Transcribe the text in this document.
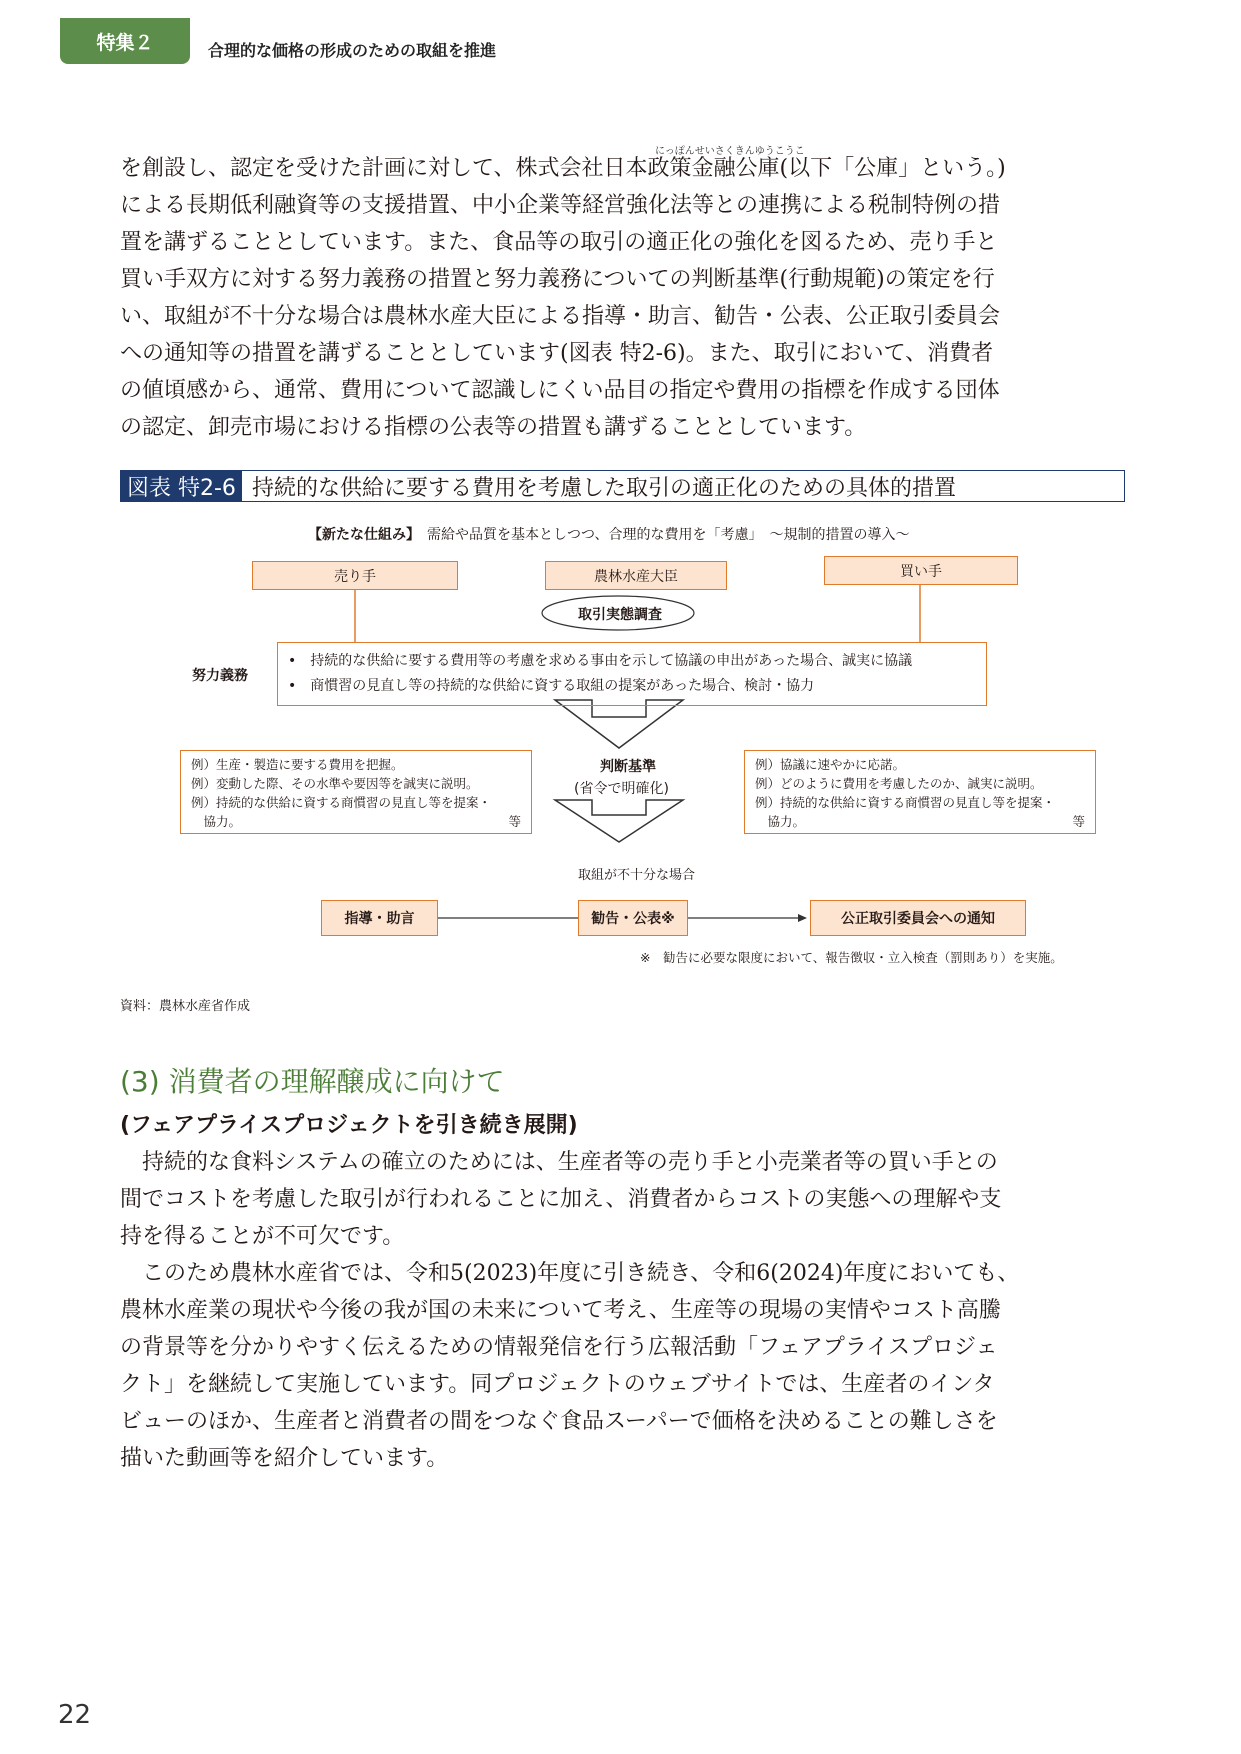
特集２	合理的な価格の形成のための取組を推進
にっぽんせいさくきんゆうこうこ

を創設し、認定を受けた計画に対して、株式会社日本政策金融公庫(以下「公庫」という。)

による長期低利融資等の支援措置、中小企業等経営強化法等との連携による税制特例の措

置を講ずることとしています。また、食品等の取引の適正化の強化を図るため、売り手と

買い手双方に対する努力義務の措置と努力義務についての判断基準(行動規範)の策定を行

い、取組が不十分な場合は農林水産大臣による指導・助言、勧告・公表、公正取引委員会

への通知等の措置を講ずることとしています(図表 特2-6)。また、取引において、消費者

の値頃感から、通常、費用について認識しにくい品目の指定や費用の指標を作成する団体

の認定、卸売市場における指標の公表等の措置も講ずることとしています。

図表 特2-6 持続的な供給に要する費用を考慮した取引の適正化のための具体的措置
【新たな仕組み】　 需給や品質を基本としつつ、合理的な費用を「考慮」　 ～規制的措置の導入～
売り手	農林水産大臣	買い手
取引実態調査
努力義務
•　持続的な供給に要する費用等の考慮を求める事由を示して協議の申出があった場合、誠実に協議
•　商慣習の見直し等の持続的な供給に資する取組の提案があった場合、検討・協力
例）生産・製造に要する費用を把握。
例）変動した際、その水準や要因等を誠実に説明。
例）持続的な供給に資する商慣習の見直し等を提案・
　協力。	等
例）協議に速やかに応諾。
例）どのように費用を考慮したのか、誠実に説明。
例）持続的な供給に資する商慣習の見直し等を提案・
　協力。	等
判断基準
(省令で明確化)
取組が不十分な場合
指導・助言	勧告・公表※	公正取引委員会への通知
※　勧告に必要な限度において、報告徴収・立入検査（罰則あり）を実施。
資料：農林水産省作成
(3) 消費者の理解醸成に向けて
(フェアプライスプロジェクトを引き続き展開)

　持続的な食料システムの確立のためには、生産者等の売り手と小売業者等の買い手との

間でコストを考慮した取引が行われることに加え、消費者からコストの実態への理解や支

持を得ることが不可欠です。

　このため農林水産省では、令和5(2023)年度に引き続き、令和6(2024)年度においても、

農林水産業の現状や今後の我が国の未来について考え、生産等の現場の実情やコスト高騰

の背景等を分かりやすく伝えるための情報発信を行う広報活動「フェアプライスプロジェ

クト」を継続して実施しています。同プロジェクトのウェブサイトでは、生産者のインタ

ビューのほか、生産者と消費者の間をつなぐ食品スーパーで価格を決めることの難しさを

描いた動画等を紹介しています。

22
